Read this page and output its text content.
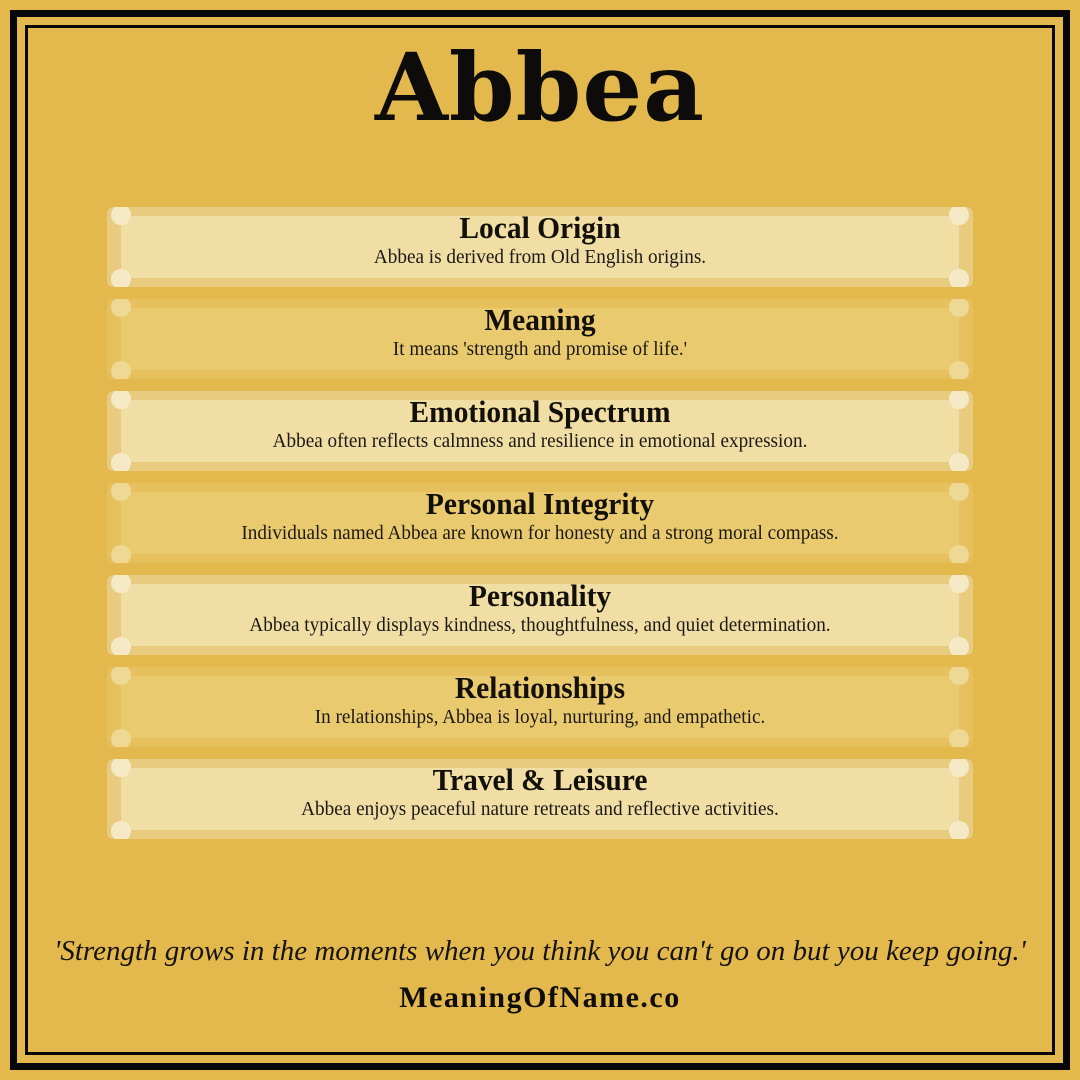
Abbea
Local Origin
Abbea is derived from Old English origins.
Meaning
It means 'strength and promise of life.'
Emotional Spectrum
Abbea often reflects calmness and resilience in emotional expression.
Personal Integrity
Individuals named Abbea are known for honesty and a strong moral compass.
Personality
Abbea typically displays kindness, thoughtfulness, and quiet determination.
Relationships
In relationships, Abbea is loyal, nurturing, and empathetic.
Travel & Leisure
Abbea enjoys peaceful nature retreats and reflective activities.
'Strength grows in the moments when you think you can't go on but you keep going.'
MeaningOfName.co
